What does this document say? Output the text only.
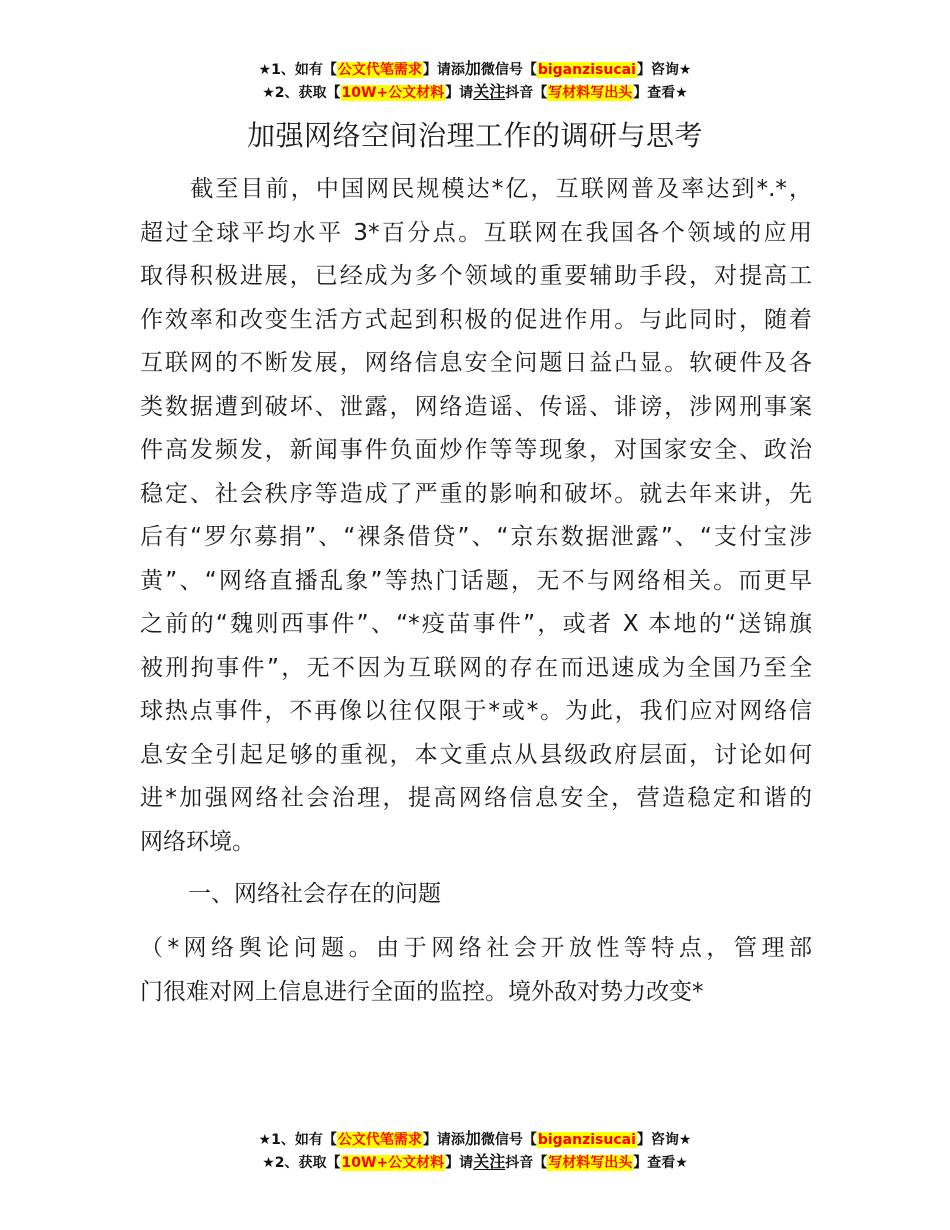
★1、如有【公文代笔需求】请添加微信号【biganzisucai】咨询★
★2、获取【10W+公文材料】请关注抖音【写材料写出头】查看★
加强网络空间治理工作的调研与思考
　　截至目前，中国网民规模达*亿，互联网普及率达到*.*，
超过全球平均水平 3*百分点。互联网在我国各个领域的应用
取得积极进展，已经成为多个领域的重要辅助手段，对提高工
作效率和改变生活方式起到积极的促进作用。与此同时，随着
互联网的不断发展，网络信息安全问题日益凸显。软硬件及各
类数据遭到破坏、泄露，网络造谣、传谣、诽谤，涉网刑事案
件高发频发，新闻事件负面炒作等等现象，对国家安全、政治
稳定、社会秩序等造成了严重的影响和破坏。就去年来讲，先
后有“罗尔募捐”、“裸条借贷”、“京东数据泄露”、“支付宝涉
黄”、“网络直播乱象”等热门话题，无不与网络相关。而更早
之前的“魏则西事件”、“*疫苗事件”，或者 X 本地的“送锦旗
被刑拘事件”，无不因为互联网的存在而迅速成为全国乃至全
球热点事件，不再像以往仅限于*或*。为此，我们应对网络信
息安全引起足够的重视，本文重点从县级政府层面，讨论如何
进*加强网络社会治理，提高网络信息安全，营造稳定和谐的
网络环境。
一、网络社会存在的问题
（*网络舆论问题。由于网络社会开放性等特点，管理部
门很难对网上信息进行全面的监控。境外敌对势力改变*
★1、如有【公文代笔需求】请添加微信号【biganzisucai】咨询★
★2、获取【10W+公文材料】请关注抖音【写材料写出头】查看★
